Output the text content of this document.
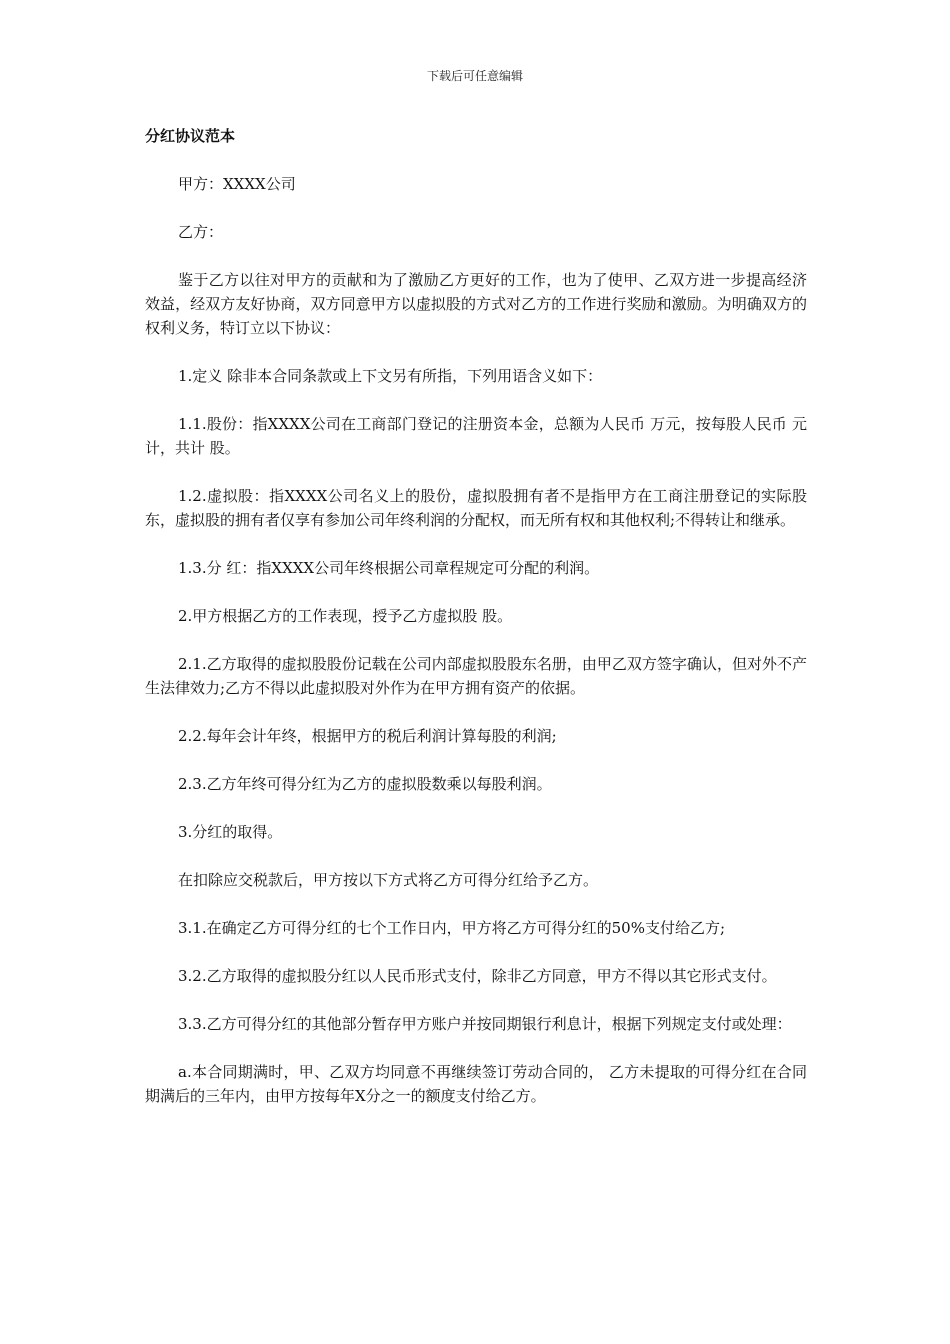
下载后可任意编辑
分红协议范本

甲方：XXXX公司

乙方：

鉴于乙方以往对甲方的贡献和为了激励乙方更好的工作，也为了使甲、乙双方进一步提高经济效益，经双方友好协商，双方同意甲方以虚拟股的方式对乙方的工作进行奖励和激励。为明确双方的权利义务，特订立以下协议：

1.定义 除非本合同条款或上下文另有所指，下列用语含义如下：

1.1.股份：指XXXX公司在工商部门登记的注册资本金，总额为人民币 万元，按每股人民币 元计，共计 股。

1.2.虚拟股：指XXXX公司名义上的股份，虚拟股拥有者不是指甲方在工商注册登记的实际股东，虚拟股的拥有者仅享有参加公司年终利润的分配权，而无所有权和其他权利;不得转让和继承。

1.3.分 红：指XXXX公司年终根据公司章程规定可分配的利润。

2.甲方根据乙方的工作表现，授予乙方虚拟股 股。

2.1.乙方取得的虚拟股股份记载在公司内部虚拟股股东名册，由甲乙双方签字确认，但对外不产生法律效力;乙方不得以此虚拟股对外作为在甲方拥有资产的依据。

2.2.每年会计年终，根据甲方的税后利润计算每股的利润;

2.3.乙方年终可得分红为乙方的虚拟股数乘以每股利润。

3.分红的取得。

在扣除应交税款后，甲方按以下方式将乙方可得分红给予乙方。

3.1.在确定乙方可得分红的七个工作日内，甲方将乙方可得分红的50%支付给乙方;

3.2.乙方取得的虚拟股分红以人民币形式支付，除非乙方同意，甲方不得以其它形式支付。

3.3.乙方可得分红的其他部分暂存甲方账户并按同期银行利息计，根据下列规定支付或处理：

a.本合同期满时，甲、乙双方均同意不再继续签订劳动合同的， 乙方未提取的可得分红在合同期满后的三年内，由甲方按每年X分之一的额度支付给乙方。
